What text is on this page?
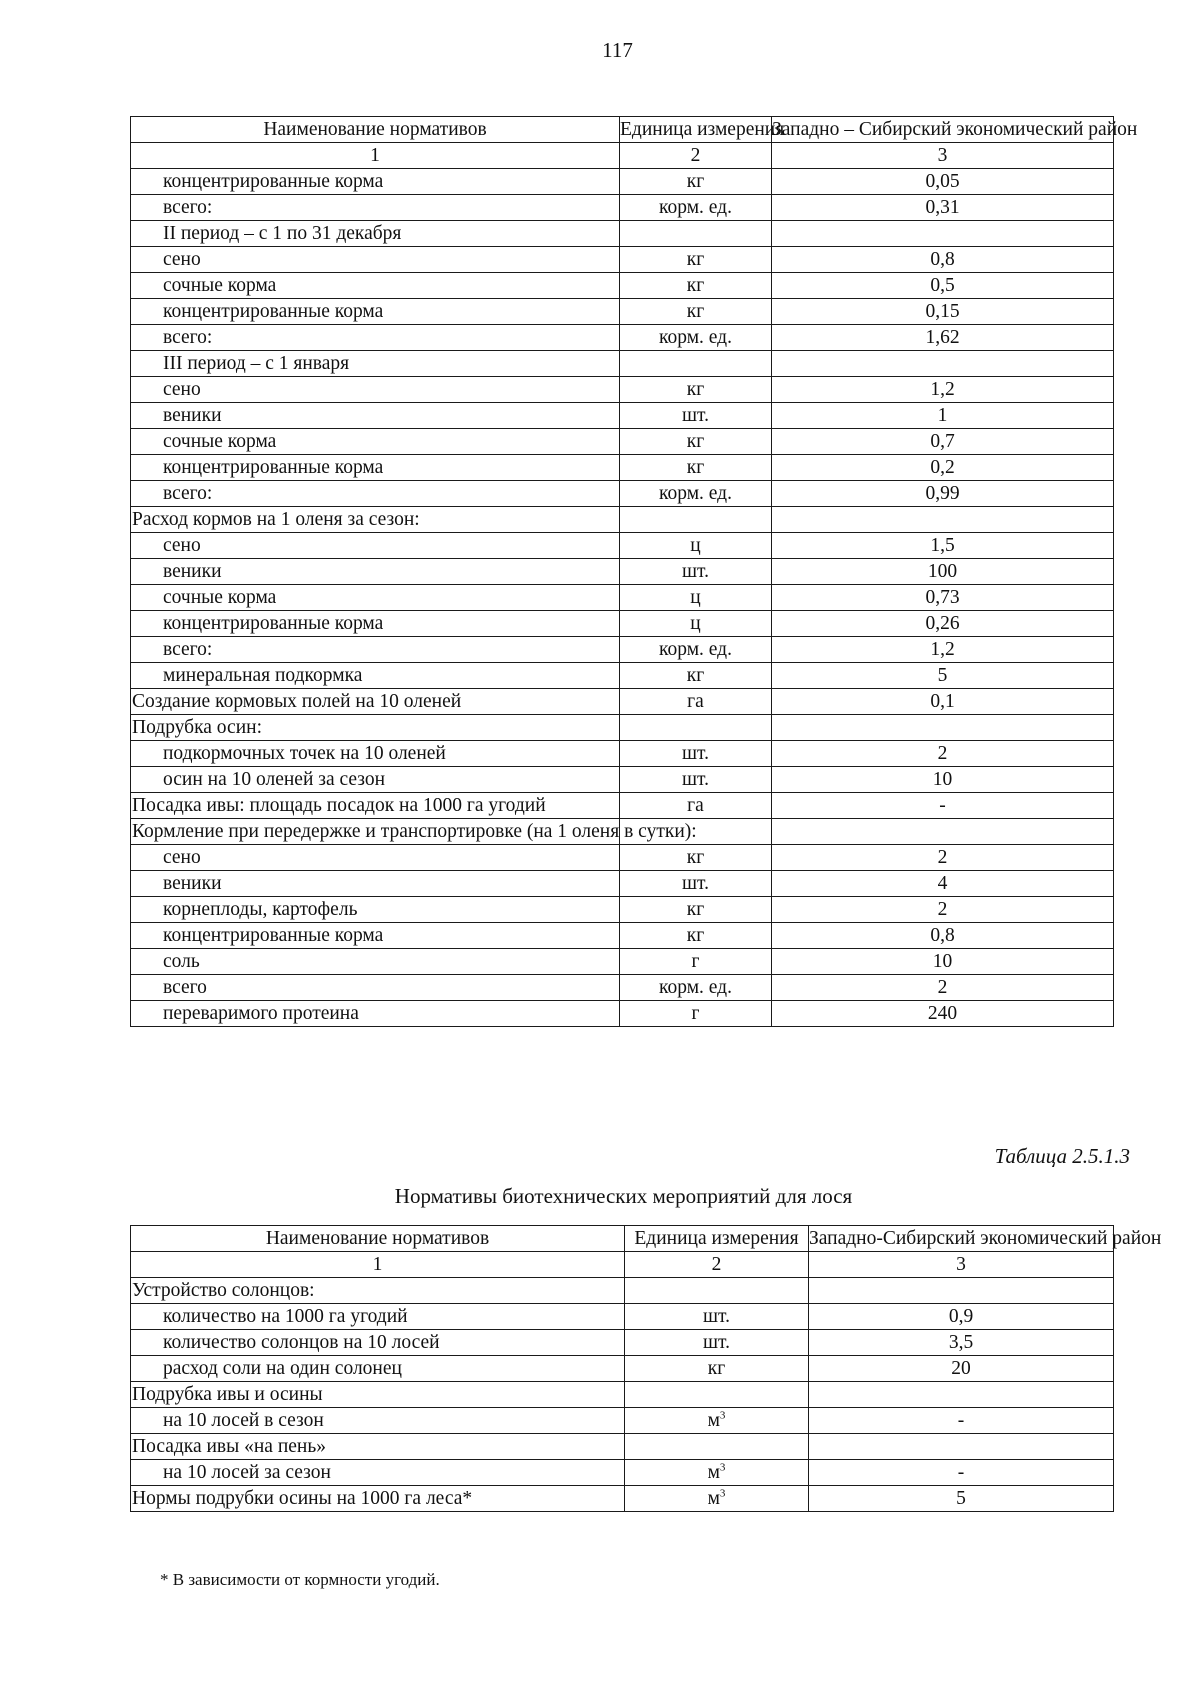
117
Наименование нормативов	Единица измерения	Западно – Сибирский экономический район
1	2	3
концентрированные корма	кг	0,05
всего:	корм. ед.	0,31
II период – с 1 по 31 декабря		
сено	кг	0,8
сочные корма	кг	0,5
концентрированные корма	кг	0,15
всего:	корм. ед.	1,62
III период – с 1 января		
сено	кг	1,2
веники	шт.	1
сочные корма	кг	0,7
концентрированные корма	кг	0,2
всего:	корм. ед.	0,99
Расход кормов на 1 оленя за сезон:		
сено	ц	1,5
веники	шт.	100
сочные корма	ц	0,73
концентрированные корма	ц	0,26
всего:	корм. ед.	1,2
минеральная подкормка	кг	5
Создание кормовых полей на 10 оленей	га	0,1
Подрубка осин:		
подкормочных точек на 10 оленей	шт.	2
осин на 10 оленей за сезон	шт.	10
Посадка ивы: площадь посадок на 1000 га угодий	га	-
Кормление при передержке и транспортировке (на 1 оленя в сутки):		
сено	кг	2
веники	шт.	4
корнеплоды, картофель	кг	2
концентрированные корма	кг	0,8
соль	г	10
всего	корм. ед.	2
переваримого протеина	г	240
Таблица 2.5.1.3
Нормативы биотехнических мероприятий для лося
Наименование нормативов	Единица измерения	Западно-Сибирский экономический район
1	2	3
Устройство солонцов:		
количество на 1000 га угодий	шт.	0,9
количество солонцов на 10 лосей	шт.	3,5
расход соли на один солонец	кг	20
Подрубка ивы и осины		
на 10 лосей в сезон	$м^3$	-
Посадка ивы «на пень»		
на 10 лосей за сезон	$м^3$	-
Нормы подрубки осины на 1000 га леса*	$м^3$	5
* В зависимости от кормности угодий.
